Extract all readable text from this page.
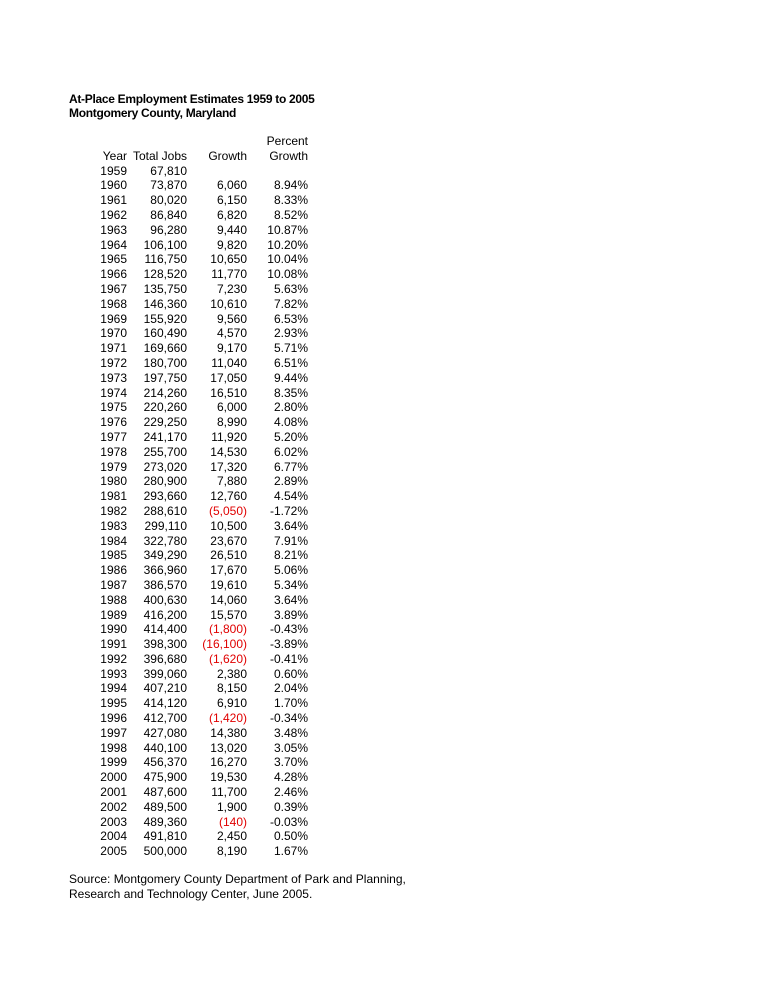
At-Place Employment Estimates 1959 to 2005
Montgomery County, Maryland
			Percent
Year	Total Jobs	Growth	Growth
1959	67,810		
1960	73,870	6,060	8.94%
1961	80,020	6,150	8.33%
1962	86,840	6,820	8.52%
1963	96,280	9,440	10.87%
1964	106,100	9,820	10.20%
1965	116,750	10,650	10.04%
1966	128,520	11,770	10.08%
1967	135,750	7,230	5.63%
1968	146,360	10,610	7.82%
1969	155,920	9,560	6.53%
1970	160,490	4,570	2.93%
1971	169,660	9,170	5.71%
1972	180,700	11,040	6.51%
1973	197,750	17,050	9.44%
1974	214,260	16,510	8.35%
1975	220,260	6,000	2.80%
1976	229,250	8,990	4.08%
1977	241,170	11,920	5.20%
1978	255,700	14,530	6.02%
1979	273,020	17,320	6.77%
1980	280,900	7,880	2.89%
1981	293,660	12,760	4.54%
1982	288,610	(5,050)	-1.72%
1983	299,110	10,500	3.64%
1984	322,780	23,670	7.91%
1985	349,290	26,510	8.21%
1986	366,960	17,670	5.06%
1987	386,570	19,610	5.34%
1988	400,630	14,060	3.64%
1989	416,200	15,570	3.89%
1990	414,400	(1,800)	-0.43%
1991	398,300	(16,100)	-3.89%
1992	396,680	(1,620)	-0.41%
1993	399,060	2,380	0.60%
1994	407,210	8,150	2.04%
1995	414,120	6,910	1.70%
1996	412,700	(1,420)	-0.34%
1997	427,080	14,380	3.48%
1998	440,100	13,020	3.05%
1999	456,370	16,270	3.70%
2000	475,900	19,530	4.28%
2001	487,600	11,700	2.46%
2002	489,500	1,900	0.39%
2003	489,360	(140)	-0.03%
2004	491,810	2,450	0.50%
2005	500,000	8,190	1.67%
Source: Montgomery County Department of Park and Planning,
Research and Technology Center, June 2005.
